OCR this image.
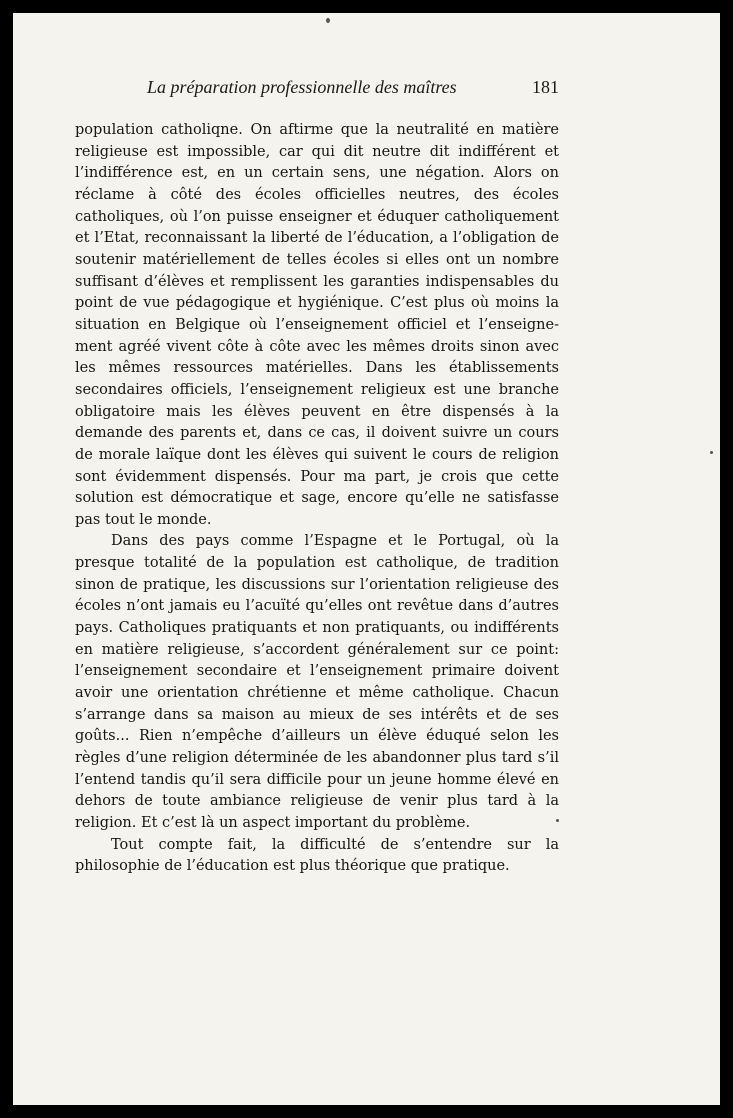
La préparation professionnelle des maîtres	181

population catholiqne. On aftirme que la neutralité en matière religieuse est impossible, car qui dit neutre dit indifférent et l’indifférence est, en un certain sens, une négation. Alors on réclame à côté des écoles officielles neutres, des écoles catholiques, où l’on puisse enseigner et éduquer catholiquement et l’Etat, reconnaissant la liberté de l’éducation, a l’obligation de soutenir matériellement de telles écoles si elles ont un nombre suffisant d’élèves et remplissent les garanties indispensables du point de vue pédagogique et hygiénique. C’est plus où moins la situation en Belgique où l’enseignement officiel et l’enseignement agréé vivent côte à côte avec les mêmes droits sinon avec les mêmes ressources matérielles. Dans les établissements secondaires officiels, l’enseignement religieux est une branche obligatoire mais les élèves peuvent en être dispensés à la demande des parents et, dans ce cas, il doivent suivre un cours de morale laïque dont les élèves qui suivent le cours de religion sont évidemment dispensés. Pour ma part, je crois que cette solution est démocratique et sage, encore qu’elle ne satisfasse pas tout le monde.

Dans des pays comme l’Espagne et le Portugal, où la presque totalité de la population est catholique, de tradition sinon de pratique, les discussions sur l’orientation religieuse des écoles n’ont jamais eu l’acuïté qu’elles ont revêtue dans d’autres pays. Catholiques pratiquants et non pratiquants, ou indifférents en matière religieuse, s’accordent généralement sur ce point: l’enseignement secondaire et l’enseignement primaire doivent avoir une orientation chrétienne et même catholique. Chacun s’arrange dans sa maison au mieux de ses intérêts et de ses goûts... Rien n’empêche d’ailleurs un élève éduqué selon les règles d’une religion déterminée de les abandonner plus tard s’il l’entend tandis qu’il sera difficile pour un jeune homme élevé en dehors de toute ambiance religieuse de venir plus tard à la religion. Et c’est là un aspect important du problème.

Tout compte fait, la difficulté de s’entendre sur la philosophie de l’éducation est plus théorique que pratique.
